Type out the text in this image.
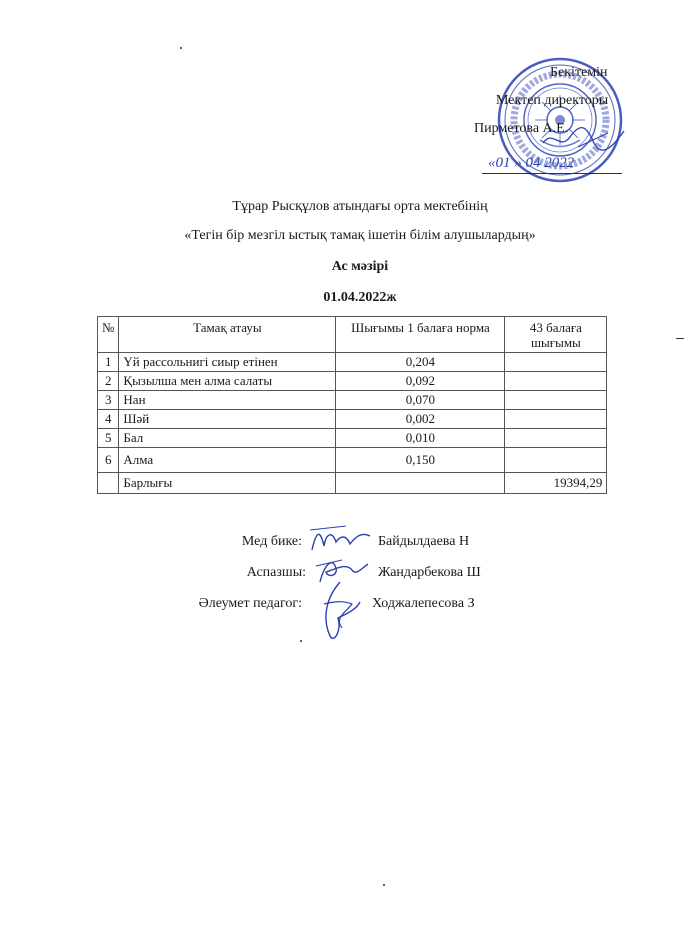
Бекітемін
Мектеп директоры
Пирметова А.Е.
«01 » 04 2022
Тұрар Рысқұлов атындағы орта мектебінің
«Тегін бір мезгіл ыстық тамақ ішетін білім алушылардың»
Ас мәзірі
01.04.2022ж
№	Тамақ атауы	Шығымы 1 балаға норма	43 балаға шығымы
1	Үй рассольнигі сиыр етінен	0,204	
2	Қызылша мен алма салаты	0,092	
3	Нан	0,070	
4	Шәй	0,002	
5	Бал	0,010	
6	Алма	0,150	
	Барлығы		19394,29
Мед бике:	Байдылдаева Н
Аспазшы:	Жандарбекова Ш
Әлеумет педагог:	Ходжалепесова З
